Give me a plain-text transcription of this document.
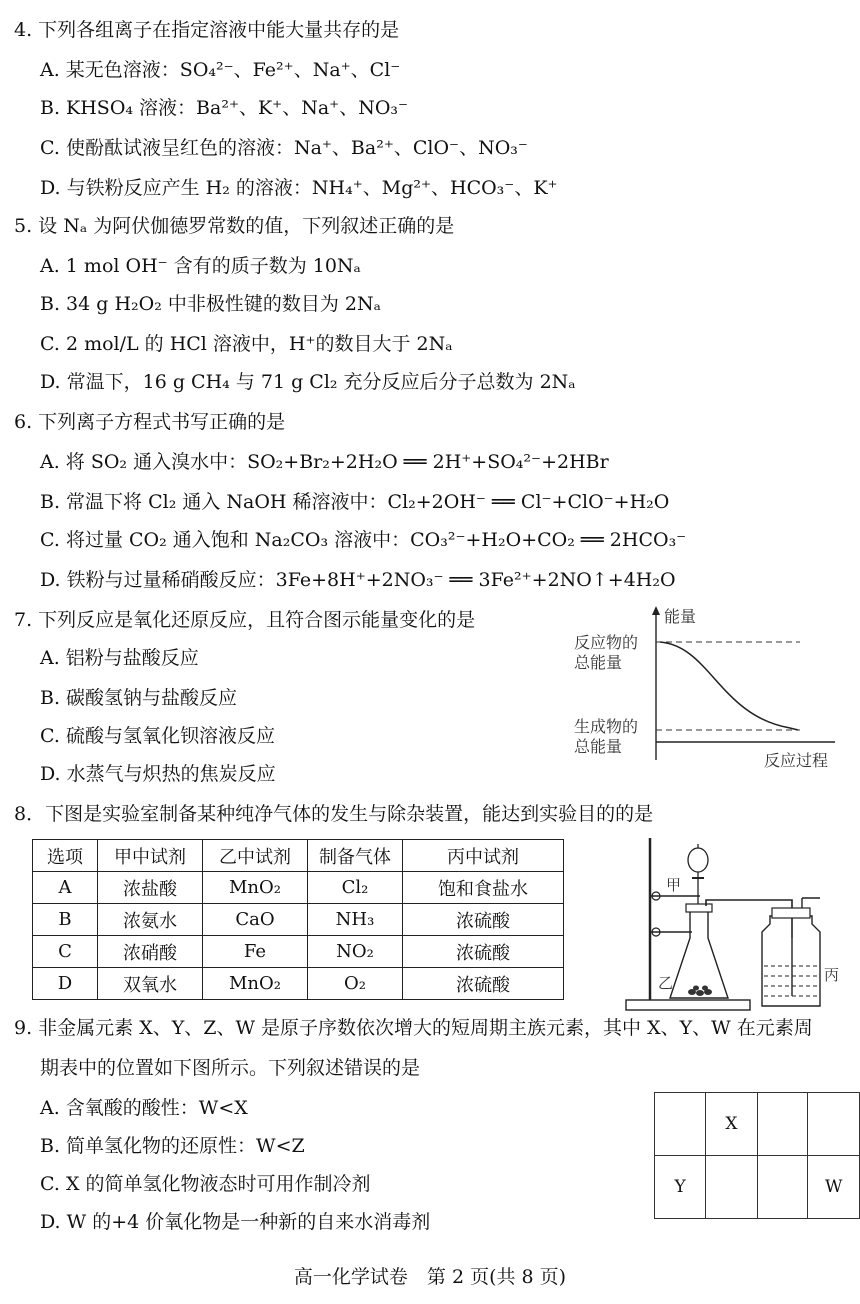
4. 下列各组离子在指定溶液中能大量共存的是
A. 某无色溶液：SO₄²⁻、Fe²⁺、Na⁺、Cl⁻
B. KHSO₄ 溶液：Ba²⁺、K⁺、Na⁺、NO₃⁻
C. 使酚酞试液呈红色的溶液：Na⁺、Ba²⁺、ClO⁻、NO₃⁻
D. 与铁粉反应产生 H₂ 的溶液：NH₄⁺、Mg²⁺、HCO₃⁻、K⁺
5. 设 Nₐ 为阿伏伽德罗常数的值，下列叙述正确的是
A. 1 mol OH⁻ 含有的质子数为 10Nₐ
B. 34 g H₂O₂ 中非极性键的数目为 2Nₐ
C. 2 mol/L 的 HCl 溶液中，H⁺的数目大于 2Nₐ
D. 常温下，16 g CH₄ 与 71 g Cl₂ 充分反应后分子总数为 2Nₐ
6. 下列离子方程式书写正确的是
A. 将 SO₂ 通入溴水中：SO₂+Br₂+2H₂O ══ 2H⁺+SO₄²⁻+2HBr
B. 常温下将 Cl₂ 通入 NaOH 稀溶液中：Cl₂+2OH⁻ ══ Cl⁻+ClO⁻+H₂O
C. 将过量 CO₂ 通入饱和 Na₂CO₃ 溶液中：CO₃²⁻+H₂O+CO₂ ══ 2HCO₃⁻
D. 铁粉与过量稀硝酸反应：3Fe+8H⁺+2NO₃⁻ ══ 3Fe²⁺+2NO↑+4H₂O
7. 下列反应是氧化还原反应，且符合图示能量变化的是
A. 铝粉与盐酸反应
B. 碳酸氢钠与盐酸反应
C. 硫酸与氢氧化钡溶液反应
D. 水蒸气与炽热的焦炭反应
能量
反应物的
总能量
生成物的
总能量
反应过程
8．下图是实验室制备某种纯净气体的发生与除杂装置，能达到实验目的的是
选项	甲中试剂	乙中试剂	制备气体	丙中试剂
A	浓盐酸	MnO₂	Cl₂	饱和食盐水
B	浓氨水	CaO	NH₃	浓硫酸
C	浓硝酸	Fe	NO₂	浓硫酸
D	双氧水	MnO₂	O₂	浓硫酸
甲
乙	丙
9. 非金属元素 X、Y、Z、W 是原子序数依次增大的短周期主族元素，其中 X、Y、W 在元素周
期表中的位置如下图所示。下列叙述错误的是
A. 含氧酸的酸性：W<X
B. 简单氢化物的还原性：W<Z
C. X 的简单氢化物液态时可用作制冷剂
D. W 的+4 价氧化物是一种新的自来水消毒剂
	X		
Y			W
高一化学试卷　第 2 页(共 8 页)
